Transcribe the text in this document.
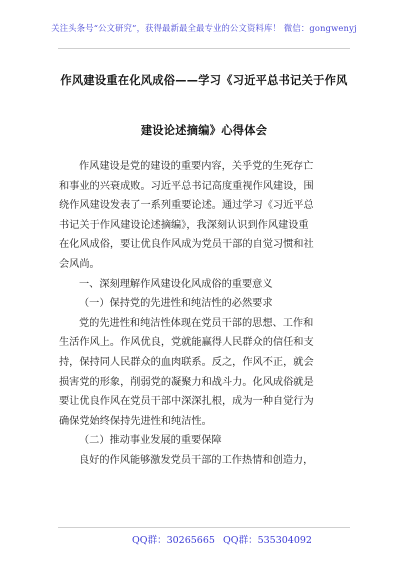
关注头条号“公文研究”，获得最新最全最专业的公文资料库！ 微信：gongwenyj
作风建设重在化风成俗——学习《习近平总书记关于作风
建设论述摘编》心得体会

作风建设是党的建设的重要内容，关乎党的生死存亡

和事业的兴衰成败。习近平总书记高度重视作风建设，围

绕作风建设发表了一系列重要论述。通过学习《习近平总

书记关于作风建设论述摘编》，我深刻认识到作风建设重

在化风成俗，要让优良作风成为党员干部的自觉习惯和社

会风尚。

一、深刻理解作风建设化风成俗的重要意义

（一）保持党的先进性和纯洁性的必然要求

党的先进性和纯洁性体现在党员干部的思想、工作和

生活作风上。作风优良，党就能赢得人民群众的信任和支

持，保持同人民群众的血肉联系。反之，作风不正，就会

损害党的形象，削弱党的凝聚力和战斗力。化风成俗就是

要让优良作风在党员干部中深深扎根，成为一种自觉行为

确保党始终保持先进性和纯洁性。

（二）推动事业发展的重要保障

良好的作风能够激发党员干部的工作热情和创造力，

QQ群：30265665 QQ群：535304092
